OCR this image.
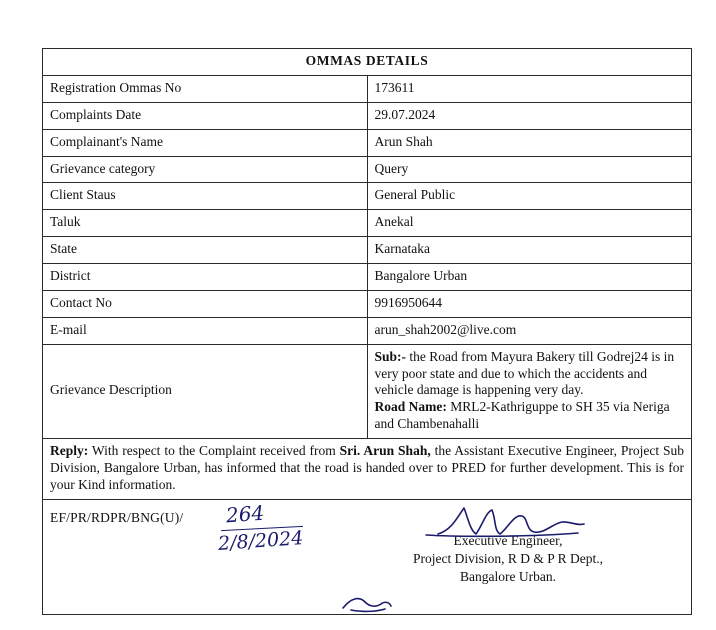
OMMAS DETAILS	
Registration Ommas No	173611
Complaints Date	29.07.2024
Complainant's Name	Arun Shah
Grievance category	Query
Client Staus	General Public
Taluk	Anekal
State	Karnataka
District	Bangalore Urban
Contact No	9916950644
E-mail	arun_shah2002@live.com
Grievance Description	Sub:- the Road from Mayura Bakery till Godrej24 is in very poor state and due to which the accidents and vehicle damage is happening very day.
Road Name: MRL2-Kathriguppe to SH 35 via Neriga and Chambenahalli

Reply: With respect to the Complaint received from Sri. Arun Shah, the Assistant Executive Engineer, Project Sub Division, Bangalore Urban, has informed that the road is handed over to PRED for further development. This is for your Kind information.	
EF/PR/RDPR/BNG(U)/ 264
2/8/2024	Executive Engineer,
Project Division, R D & P R Dept.,
Bangalore Urban.
